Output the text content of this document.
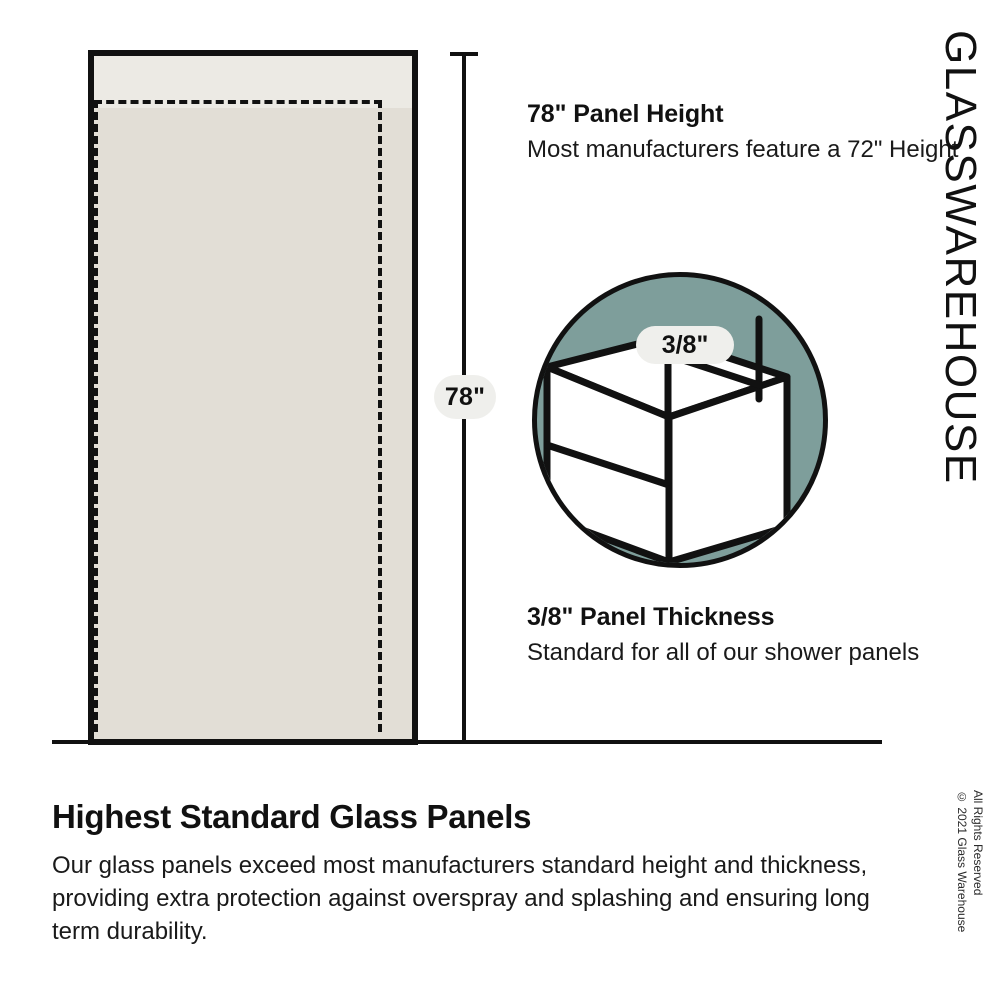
78"

78" Panel Height

Most manufacturers feature a 72" Height

3/8"

3/8" Panel Thickness

Standard for all of our shower panels

GLASSWAREHOUSE
© 2021 Glass Warehouse All Rights Reserved
Highest Standard Glass Panels

Our glass panels exceed most manufacturers standard height and thickness, providing extra protection against overspray and splashing and ensuring long term durability.
